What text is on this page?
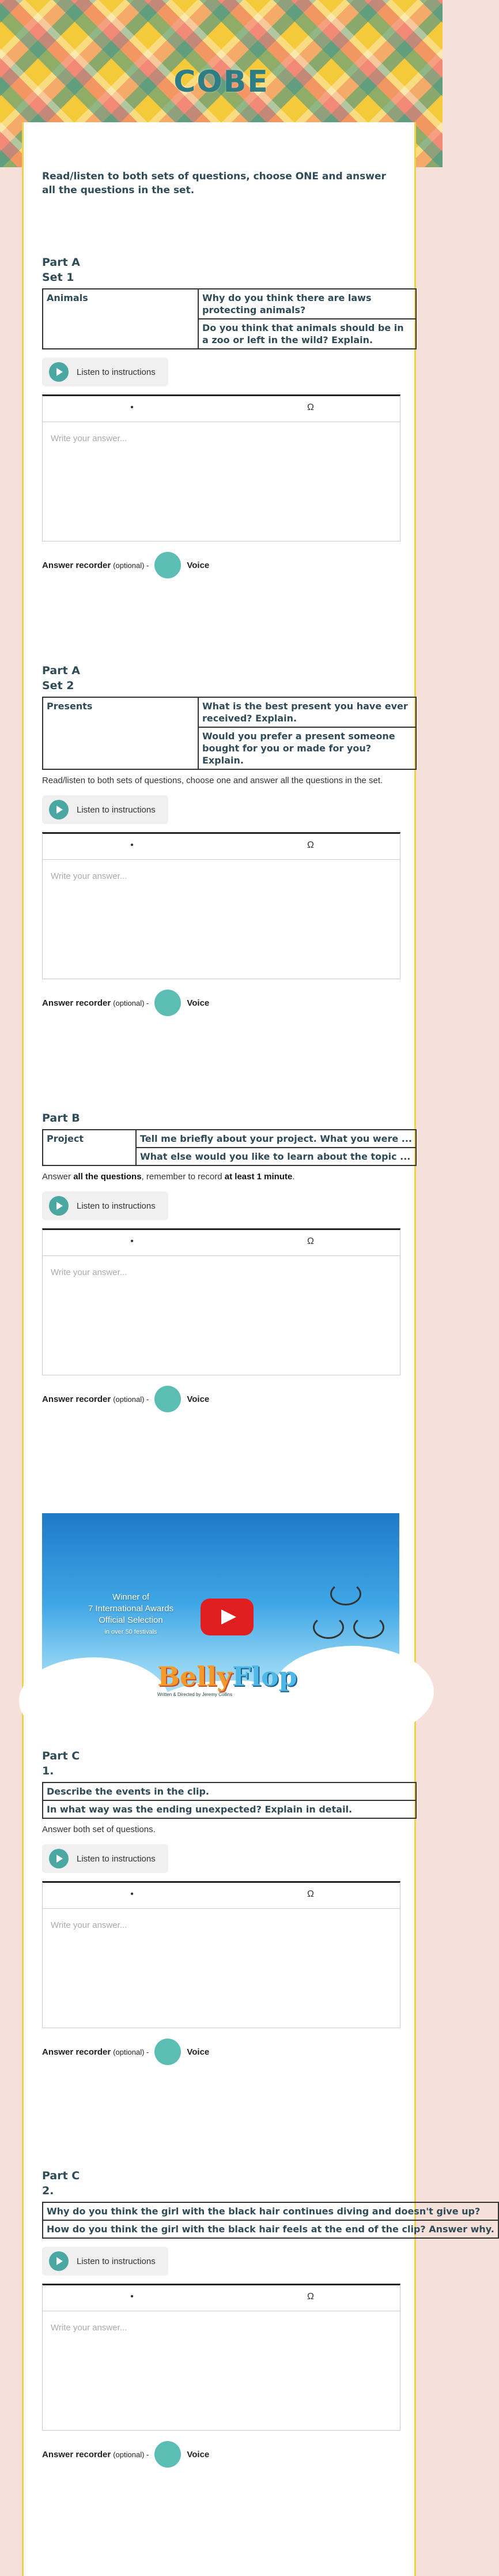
COBE
Read/listen to both sets of questions, choose ONE and answer all the questions in the set.
Part A
Set 1
Animals	Why do you think there are laws protecting animals?
Do you think that animals should be in a zoo or left in the wild? Explain.
Listen to instructions
•	Ω
Write your answer...
Answer recorder (optional) -	Voice
Part A
Set 2
Presents	What is the best present you have ever received? Explain.
Would you prefer a present someone bought for you or made for you? Explain.
Read/listen to both sets of questions, choose one and answer all the questions in the set.
Listen to instructions
•	Ω
Write your answer...
Answer recorder (optional) -	Voice
Part B
Project	Tell me briefly about your project. What you were ...
What else would you like to learn about the topic ...
Answer all the questions, remember to record at least 1 minute.
Listen to instructions
•	Ω
Write your answer...
Answer recorder (optional) -	Voice
Winner of
7 International Awards
Official Selection
in over 50 festivals
BellyFlop
Written & Directed by Jeremy Collins
Part C
1.
Describe the events in the clip.
In what way was the ending unexpected? Explain in detail.
Answer both set of questions.
Listen to instructions
•	Ω
Write your answer...
Answer recorder (optional) -	Voice
Part C
2.
Why do you think the girl with the black hair continues diving and doesn't give up?
How do you think the girl with the black hair feels at the end of the clip? Answer why.
Listen to instructions
•	Ω
Write your answer...
Answer recorder (optional) -	Voice
